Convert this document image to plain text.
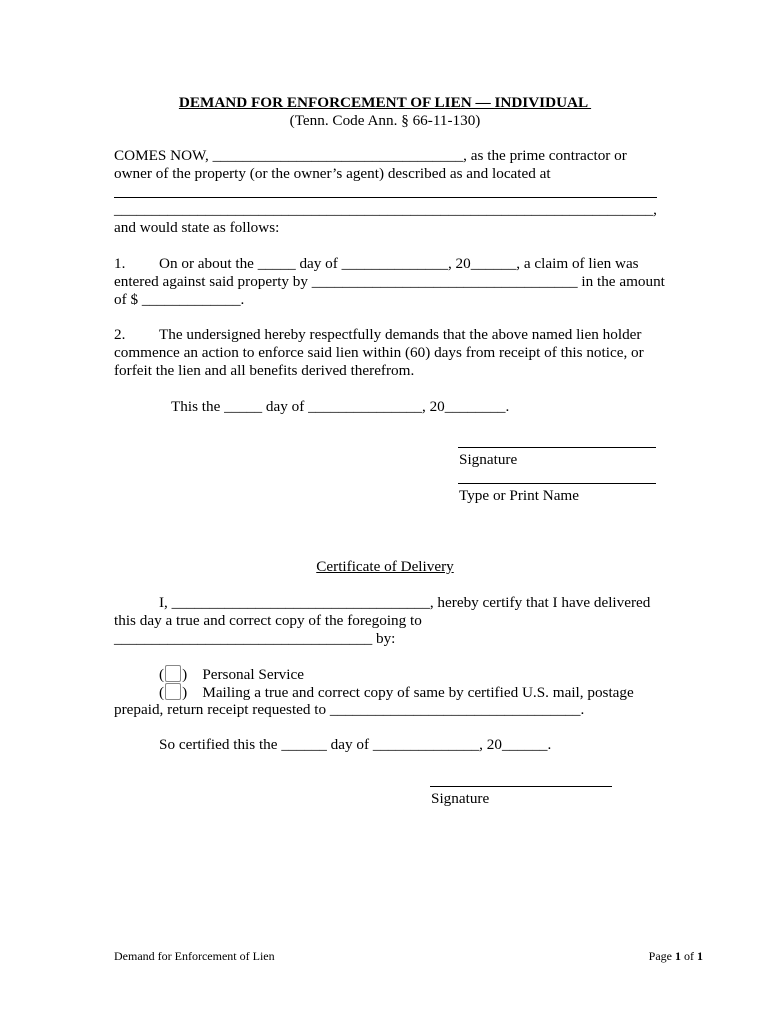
DEMAND FOR ENFORCEMENT OF LIEN — INDIVIDUAL
(Tenn. Code Ann. § 66-11-130)
COMES NOW, _________________________________, as the prime contractor or
owner of the property (or the owner’s agent) described as and located at
_______________________________________________________________________,
and would state as follows:
1. On or about the _____ day of ______________, 20______, a claim of lien was
entered against said property by ___________________________________ in the amount
of $ _____________.
2. The undersigned hereby respectfully demands that the above named lien holder
commence an action to enforce said lien within (60) days from receipt of this notice, or
forfeit the lien and all benefits derived therefrom.
This the _____ day of _______________, 20________.
Signature
Type or Print Name
Certificate of Delivery
I, __________________________________, hereby certify that I have delivered
this day a true and correct copy of the foregoing to
__________________________________ by:
( )    Personal Service
( )    Mailing a true and correct copy of same by certified U.S. mail, postage
prepaid, return receipt requested to _________________________________.
So certified this the ______ day of ______________, 20______.
Signature
Demand for Enforcement of Lien	Page 1 of 1
